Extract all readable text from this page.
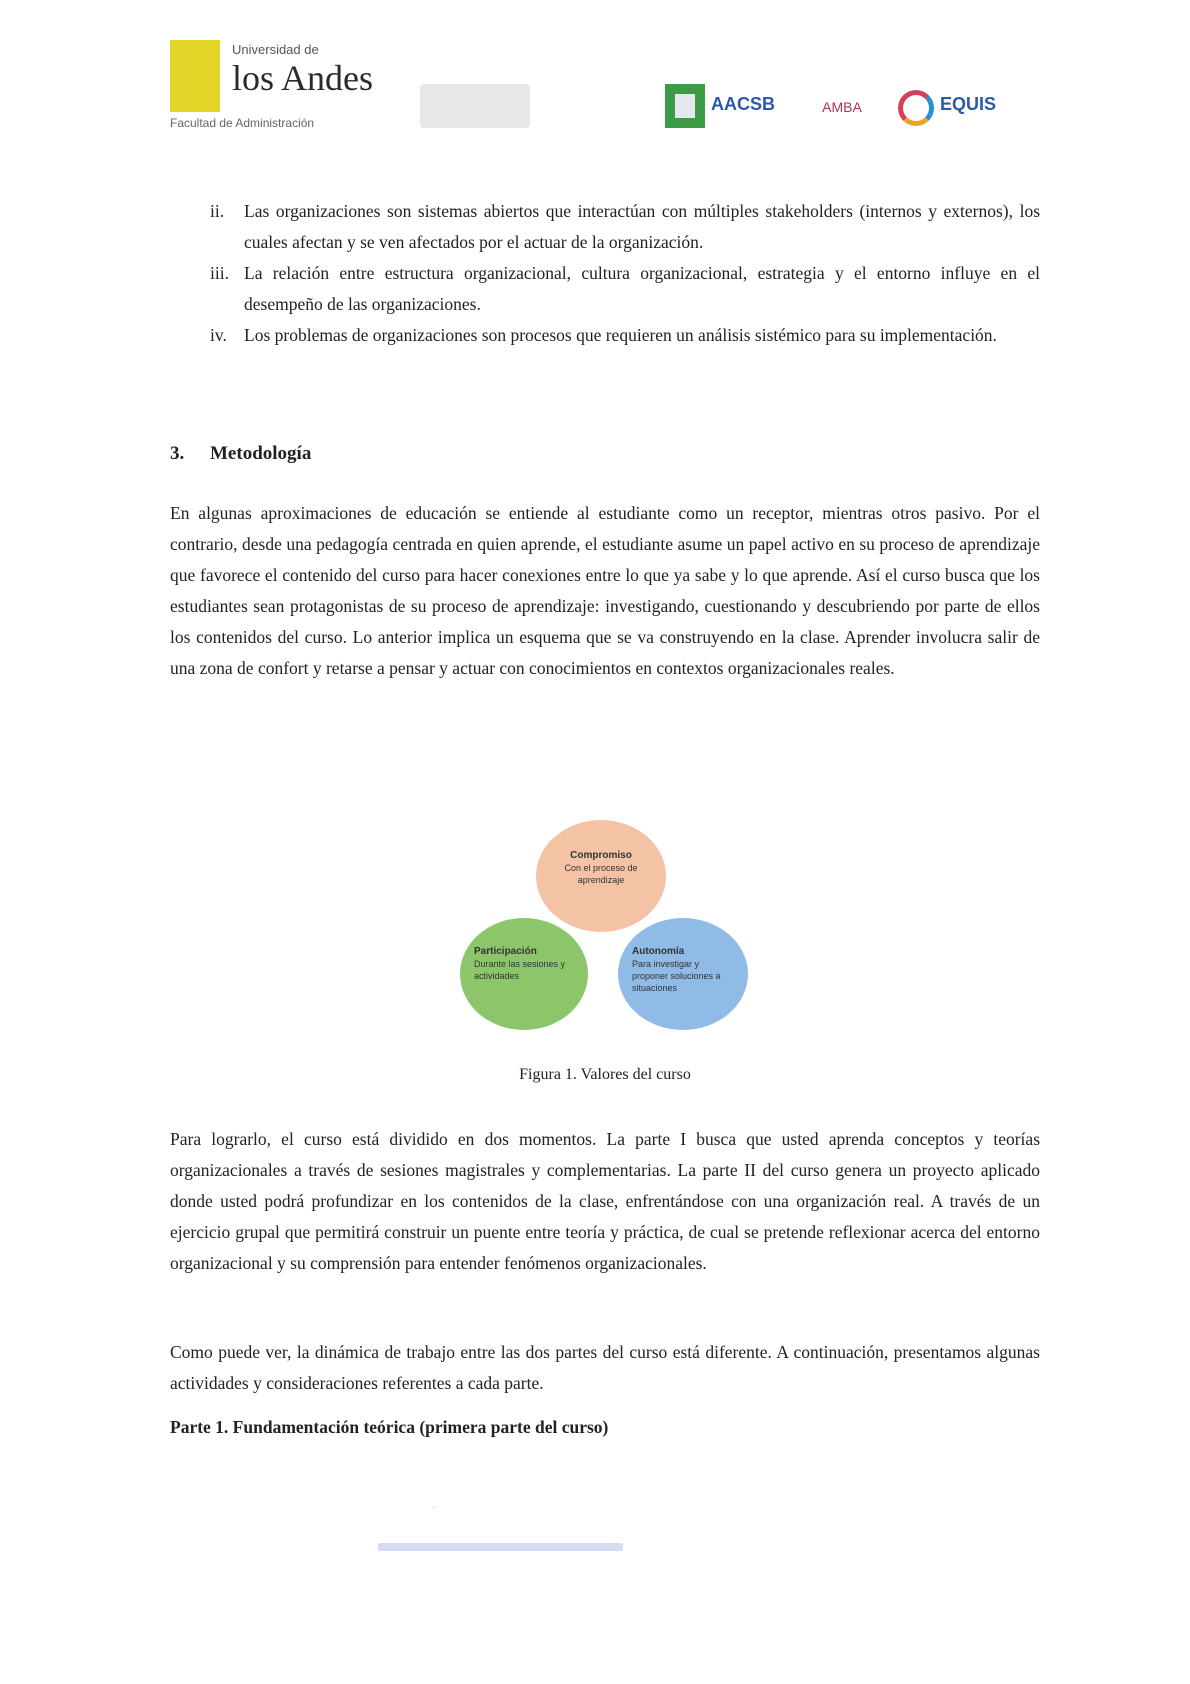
Universidad de
los Andes
Facultad de Administración
AACSB	AMBA	EQUIS
ii. Las organizaciones son sistemas abiertos que interactúan con múltiples stakeholders (internos y externos), los cuales afectan y se ven afectados por el actuar de la organización.
iii. La relación entre estructura organizacional, cultura organizacional, estrategia y el entorno influye en el desempeño de las organizaciones.
iv. Los problemas de organizaciones son procesos que requieren un análisis sistémico para su implementación.
3. Metodología

En algunas aproximaciones de educación se entiende al estudiante como un receptor, mientras otros pasivo. Por el contrario, desde una pedagogía centrada en quien aprende, el estudiante asume un papel activo en su proceso de aprendizaje que favorece el contenido del curso para hacer conexiones entre lo que ya sabe y lo que aprende. Así el curso busca que los estudiantes sean protagonistas de su proceso de aprendizaje: investigando, cuestionando y descubriendo por parte de ellos los contenidos del curso. Lo anterior implica un esquema que se va construyendo en la clase. Aprender involucra salir de una zona de confort y retarse a pensar y actuar con conocimientos en contextos organizacionales reales.

Compromiso
Con el proceso de aprendizaje
Participación
Durante las sesiones y actividades
Autonomía
Para investigar y proponer soluciones a situaciones
Figura 1. Valores del curso

Para lograrlo, el curso está dividido en dos momentos. La parte I busca que usted aprenda conceptos y teorías organizacionales a través de sesiones magistrales y complementarias. La parte II del curso genera un proyecto aplicado donde usted podrá profundizar en los contenidos de la clase, enfrentándose con una organización real. A través de un ejercicio grupal que permitirá construir un puente entre teoría y práctica, de cual se pretende reflexionar acerca del entorno organizacional y su comprensión para entender fenómenos organizacionales.

Como puede ver, la dinámica de trabajo entre las dos partes del curso está diferente. A continuación, presentamos algunas actividades y consideraciones referentes a cada parte.

Parte 1. Fundamentación teórica (primera parte del curso)
·
